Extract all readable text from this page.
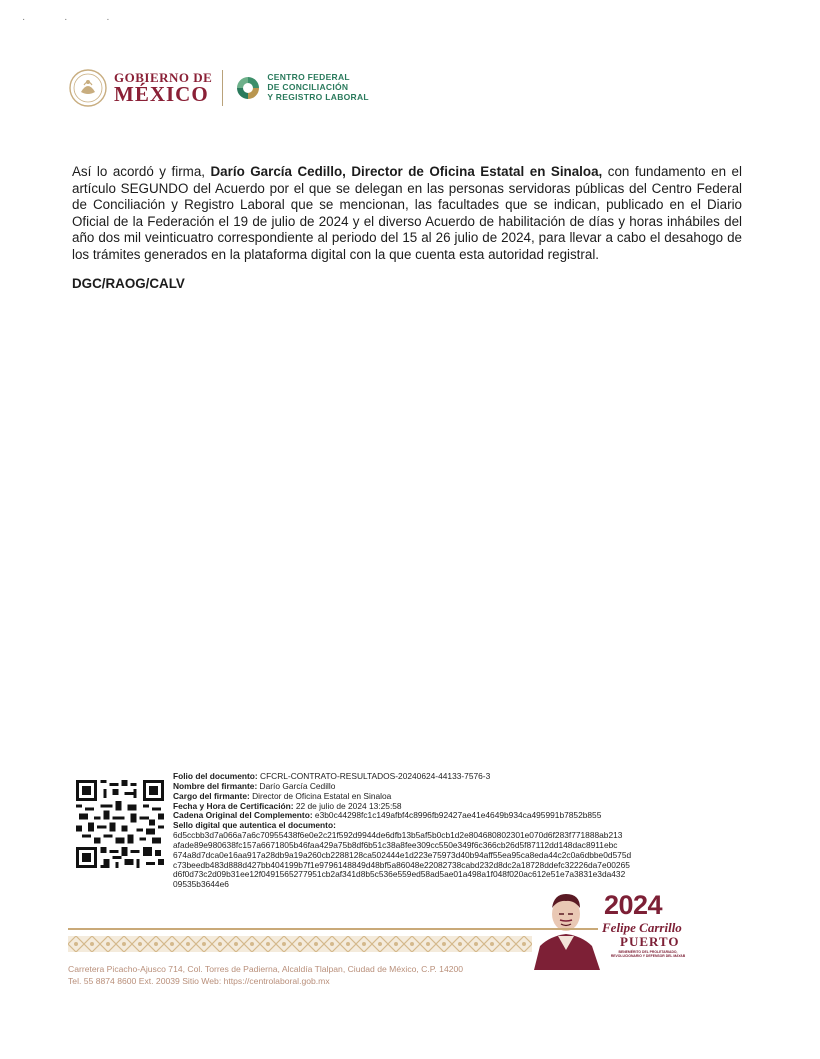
· · ·
GOBIERNO DE
MÉXICO
CENTRO FEDERAL
DE CONCILIACIÓN
Y REGISTRO LABORAL
Así lo acordó y firma, Darío García Cedillo, Director de Oficina Estatal en Sinaloa, con fundamento en el artículo SEGUNDO del Acuerdo por el que se delegan en las personas servidoras públicas del Centro Federal de Conciliación y Registro Laboral que se mencionan, las facultades que se indican, publicado en el Diario Oficial de la Federación el 19 de julio de 2024 y el diverso Acuerdo de habilitación de días y horas inhábiles del año dos mil veinticuatro correspondiente al periodo del 15 al 26 julio de 2024, para llevar a cabo el desahogo de los trámites generados en la plataforma digital con la que cuenta esta autoridad registral.
DGC/RAOG/CALV
Folio del documento: CFCRL-CONTRATO-RESULTADOS-20240624-44133-7576-3
Nombre del firmante: Darío García Cedillo
Cargo del firmante: Director de Oficina Estatal en Sinaloa
Fecha y Hora de Certificación: 22 de julio de 2024 13:25:58
Cadena Original del Complemento: e3b0c44298fc1c149afbf4c8996fb92427ae41e4649b934ca495991b7852b855
Sello digital que autentica el documento:
6d5ccbb3d7a066a7a6c70955438f6e0e2c21f592d9944de6dfb13b5af5b0cb1d2e804680802301e070d6f283f771888ab213
afade89e980638fc157a6671805b46faa429a75b8df6b51c38a8fee309cc550e349f6c366cb26d5f87112dd148dac8911ebc
674a8d7dca0e16aa917a28db9a19a260cb2288128ca502444e1d223e75973d40b94aff55ea95ca8eda44c2c0a6dbbe0d575d
c73beedb483d888d427bb404199b7f1e9796148849d48bf5a86048e22082738cabd232d8dc2a18728ddefc32226da7e00265
d6f0d73c2d09b31ee12f0491565277951cb2af341d8b5c536e559ed58ad5ae01a498a1f048f020ac612e51e7a3831e3da432
09535b3644e6
2024
Felipe Carrillo
PUERTO
BENEMÉRITO DEL PROLETARIADO, REVOLUCIONARIO Y DEFENSOR DEL MAYAB
Carretera Picacho-Ajusco 714, Col. Torres de Padierna, Alcaldía Tlalpan, Ciudad de México, C.P. 14200
Tel. 55 8874 8600 Ext. 20039 Sitio Web: https://centrolaboral.gob.mx
